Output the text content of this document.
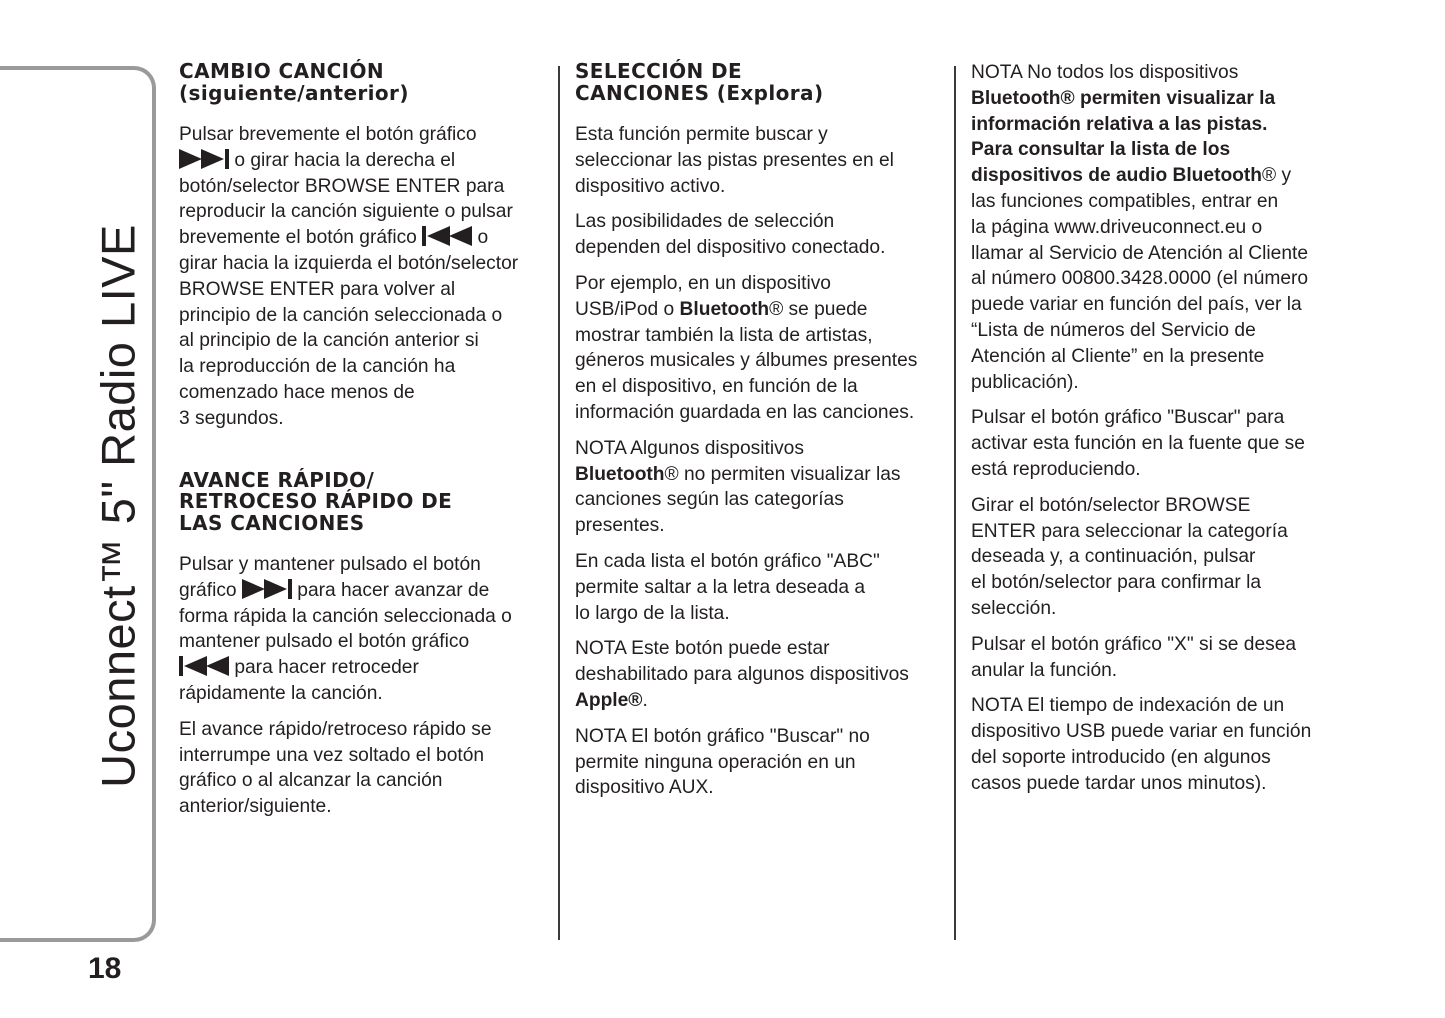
Uconnect™ 5" Radio LIVE
18
CAMBIO CANCIÓN
(siguiente/anterior)

Pulsar brevemente el botón gráfico
o girar hacia la derecha el
botón/selector BROWSE ENTER para
reproducir la canción siguiente o pulsar
brevemente el botón gráfico	o
girar hacia la izquierda el botón/selector
BROWSE ENTER para volver al
principio de la canción seleccionada o
al principio de la canción anterior si
la reproducción de la canción ha
comenzado hace menos de
3 segundos.

AVANCE RÁPIDO/
RETROCESO RÁPIDO DE
LAS CANCIONES

Pulsar y mantener pulsado el botón
gráfico	para hacer avanzar de
forma rápida la canción seleccionada o
mantener pulsado el botón gráfico
para hacer retroceder
rápidamente la canción.

El avance rápido/retroceso rápido se
interrumpe una vez soltado el botón
gráfico o al alcanzar la canción
anterior/siguiente.

SELECCIÓN DE
CANCIONES (Explora)

Esta función permite buscar y
seleccionar las pistas presentes en el
dispositivo activo.

Las posibilidades de selección
dependen del dispositivo conectado.

Por ejemplo, en un dispositivo
USB/iPod o Bluetooth® se puede
mostrar también la lista de artistas,
géneros musicales y álbumes presentes
en el dispositivo, en función de la
información guardada en las canciones.

NOTA Algunos dispositivos
Bluetooth® no permiten visualizar las
canciones según las categorías
presentes.

En cada lista el botón gráfico "ABC"
permite saltar a la letra deseada a
lo largo de la lista.

NOTA Este botón puede estar
deshabilitado para algunos dispositivos
Apple®.

NOTA El botón gráfico "Buscar" no
permite ninguna operación en un
dispositivo AUX.

NOTA No todos los dispositivos
Bluetooth® permiten visualizar la
información relativa a las pistas.
Para consultar la lista de los
dispositivos de audio Bluetooth® y
las funciones compatibles, entrar en
la página www.driveuconnect.eu o
llamar al Servicio de Atención al Cliente
al número 00800.3428.0000 (el número
puede variar en función del país, ver la
“Lista de números del Servicio de
Atención al Cliente” en la presente
publicación).

Pulsar el botón gráfico "Buscar" para
activar esta función en la fuente que se
está reproduciendo.

Girar el botón/selector BROWSE
ENTER para seleccionar la categoría
deseada y, a continuación, pulsar
el botón/selector para confirmar la
selección.

Pulsar el botón gráfico "X" si se desea
anular la función.

NOTA El tiempo de indexación de un
dispositivo USB puede variar en función
del soporte introducido (en algunos
casos puede tardar unos minutos).
